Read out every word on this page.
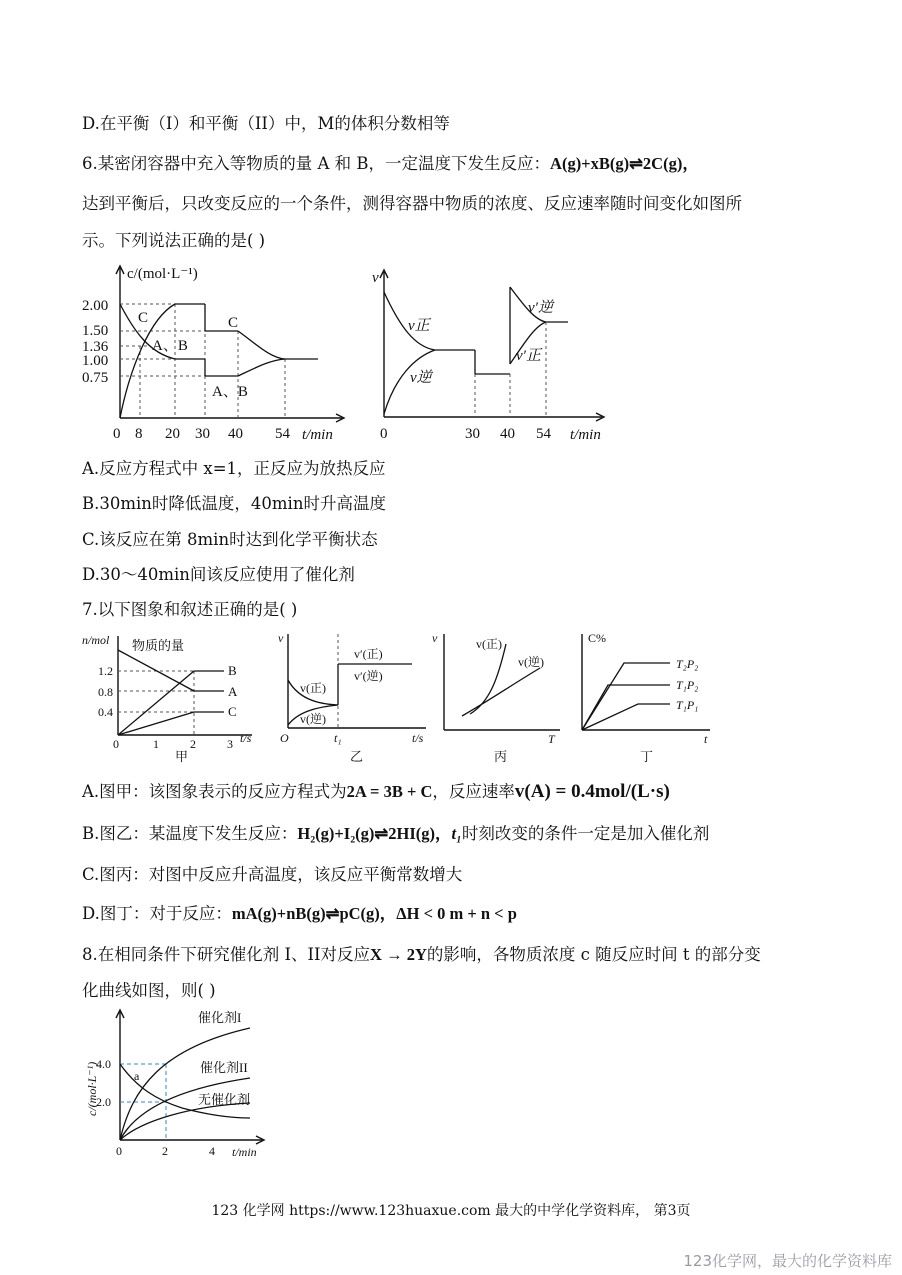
D.在平衡（I）和平衡（II）中，M的体积分数相等
6.某密闭容器中充入等物质的量 A 和 B，一定温度下发生反应：A(g)+xB(g)⇌2C(g)，
达到平衡后，只改变反应的一个条件，测得容器中物质的浓度、反应速率随时间变化如图所
示。下列说法正确的是( )
c/(mol·L⁻¹)
2.00
1.50
1.36
1.00
0.75
C
A、B
C
A、B
0 8 20 30 40 54 t/min
v
v正
v逆
v′逆
v′正
0	30 40 54 t/min
A.反应方程式中 x=1，正反应为放热反应
B.30min时降低温度，40min时升高温度
C.该反应在第 8min时达到化学平衡状态
D.30～40min间该反应使用了催化剂
7.以下图象和叙述正确的是( )
n/mol 物质的量
1.2
0.8
0.4
B
A
C
0	1	2	3 t/s
甲
v
v′(正)
v′(逆)
v(正)
v(逆)
O	t₁	t/s
乙
v	v(正)
v(逆)
T
丙
C%
T₂P₂
T₁P₂
T₁P₁
t
丁
A.图甲：该图象表示的反应方程式为2A = 3B + C，反应速率v(A) = 0.4mol/(L·s)
B.图乙：某温度下发生反应：H₂(g)+I₂(g)⇌2HI(g)，t₁时刻改变的条件一定是加入催化剂
C.图丙：对图中反应升高温度，该反应平衡常数增大
D.图丁：对于反应：mA(g)+nB(g)⇌pC(g)，ΔH < 0 m + n < p
8.在相同条件下研究催化剂 I、II对反应X → 2Y的影响，各物质浓度 c 随反应时间 t 的部分变
化曲线如图，则( )
c/(mol·L⁻¹)
4.0
2.0
催化剂I
催化剂II
无催化剂
a
0	2	4 t/min
123 化学网 https://www.123huaxue.com 最大的中学化学资料库， 第3页
123化学网，最大的化学资料库
